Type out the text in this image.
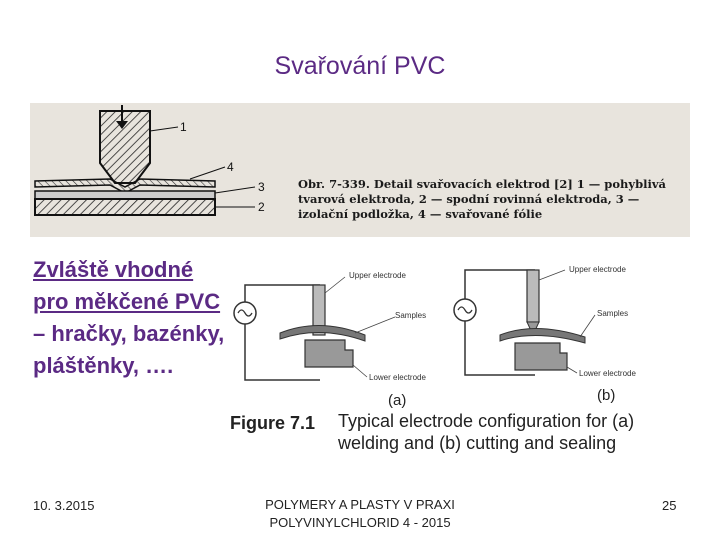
Svařování PVC
1
4
3
2
Obr. 7-339. Detail svařovacích elektrod [2] 1 — pohyblivá tvarová elektroda, 2 — spodní rovinná elektroda, 3 — izolační podložka, 4 — svařované fólie
Zvláště vhodné pro měkčené PVC – hračky, bazénky, pláštěnky, ….
Upper electrode
Samples
Lower electrode
Upper electrode
Samples
Lower electrode
(a)	(b)
Figure 7.1 Typical electrode configuration for (a) welding and (b) cutting and sealing
10. 3.2015	POLYMERY A PLASTY V PRAXI
POLYVINYLCHLORID 4 - 2015
25
